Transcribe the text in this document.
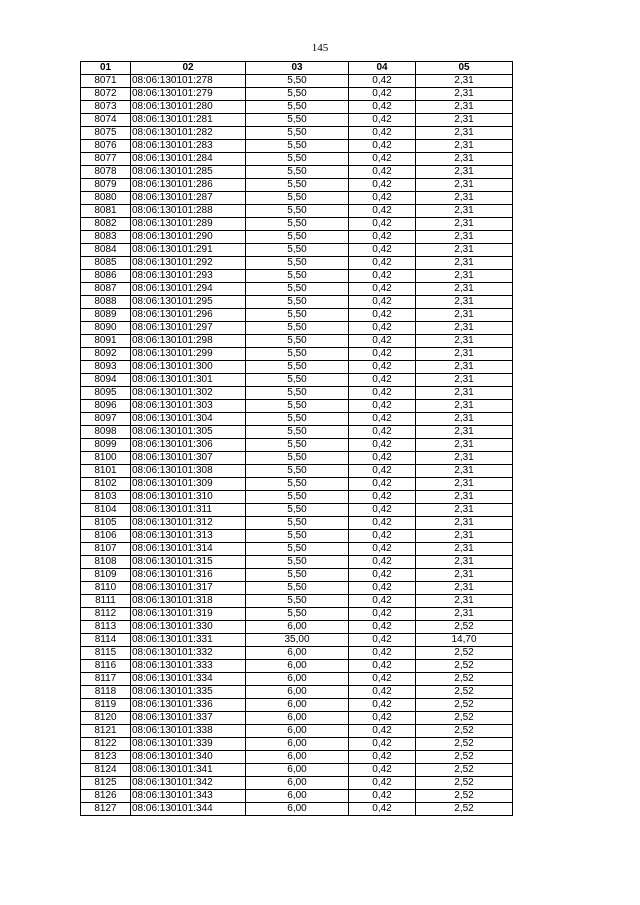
145
01	02	03	04	05
8071	08:06:130101:278	5,50	0,42	2,31
8072	08:06:130101:279	5,50	0,42	2,31
8073	08:06:130101:280	5,50	0,42	2,31
8074	08:06:130101:281	5,50	0,42	2,31
8075	08:06:130101:282	5,50	0,42	2,31
8076	08:06:130101:283	5,50	0,42	2,31
8077	08:06:130101:284	5,50	0,42	2,31
8078	08:06:130101:285	5,50	0,42	2,31
8079	08:06:130101:286	5,50	0,42	2,31
8080	08:06:130101:287	5,50	0,42	2,31
8081	08:06:130101:288	5,50	0,42	2,31
8082	08:06:130101:289	5,50	0,42	2,31
8083	08:06:130101:290	5,50	0,42	2,31
8084	08:06:130101:291	5,50	0,42	2,31
8085	08:06:130101:292	5,50	0,42	2,31
8086	08:06:130101:293	5,50	0,42	2,31
8087	08:06:130101:294	5,50	0,42	2,31
8088	08:06:130101:295	5,50	0,42	2,31
8089	08:06:130101:296	5,50	0,42	2,31
8090	08:06:130101:297	5,50	0,42	2,31
8091	08:06:130101:298	5,50	0,42	2,31
8092	08:06:130101:299	5,50	0,42	2,31
8093	08:06:130101:300	5,50	0,42	2,31
8094	08:06:130101:301	5,50	0,42	2,31
8095	08:06:130101:302	5,50	0,42	2,31
8096	08:06:130101:303	5,50	0,42	2,31
8097	08:06:130101:304	5,50	0,42	2,31
8098	08:06:130101:305	5,50	0,42	2,31
8099	08:06:130101:306	5,50	0,42	2,31
8100	08:06:130101:307	5,50	0,42	2,31
8101	08:06:130101:308	5,50	0,42	2,31
8102	08:06:130101:309	5,50	0,42	2,31
8103	08:06:130101:310	5,50	0,42	2,31
8104	08:06:130101:311	5,50	0,42	2,31
8105	08:06:130101:312	5,50	0,42	2,31
8106	08:06:130101:313	5,50	0,42	2,31
8107	08:06:130101:314	5,50	0,42	2,31
8108	08:06:130101:315	5,50	0,42	2,31
8109	08:06:130101:316	5,50	0,42	2,31
8110	08:06:130101:317	5,50	0,42	2,31
8111	08:06:130101:318	5,50	0,42	2,31
8112	08:06:130101:319	5,50	0,42	2,31
8113	08:06:130101:330	6,00	0,42	2,52
8114	08:06:130101:331	35,00	0,42	14,70
8115	08:06:130101:332	6,00	0,42	2,52
8116	08:06:130101:333	6,00	0,42	2,52
8117	08:06:130101:334	6,00	0,42	2,52
8118	08:06:130101:335	6,00	0,42	2,52
8119	08:06:130101:336	6,00	0,42	2,52
8120	08:06:130101:337	6,00	0,42	2,52
8121	08:06:130101:338	6,00	0,42	2,52
8122	08:06:130101:339	6,00	0,42	2,52
8123	08:06:130101:340	6,00	0,42	2,52
8124	08:06:130101:341	6,00	0,42	2,52
8125	08:06:130101:342	6,00	0,42	2,52
8126	08:06:130101:343	6,00	0,42	2,52
8127	08:06:130101:344	6,00	0,42	2,52
